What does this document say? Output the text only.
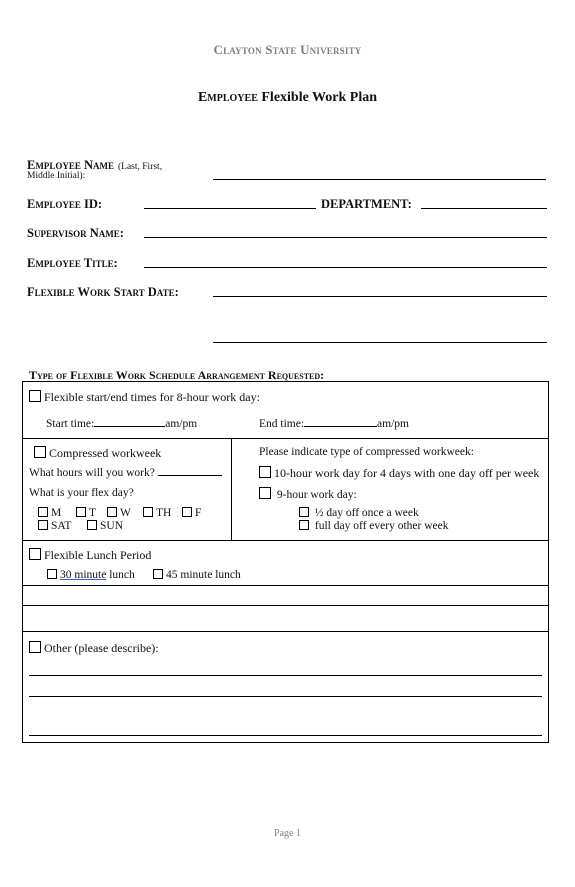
Clayton State University
Employee Flexible Work Plan
Employee Name (Last, First,
Middle Initial):
Employee ID:	DEPARTMENT:
Supervisor Name:
Employee Title:
Flexible Work Start Date:
Type of Flexible Work Schedule Arrangement Requested:
Flexible start/end times for 8-hour work day:
Start time:	am/pm	End time:	am/pm
Compressed workweek
What hours will you work?
What is your flex day?
M	T	W	TH	F
SAT	SUN
Please indicate type of compressed workweek:
10-hour work day for 4 days with one day off per week
9-hour work day:
½ day off once a week
full day off every other week
Flexible Lunch Period
30 minute lunch	45 minute lunch
Other (please describe):
Page 1
